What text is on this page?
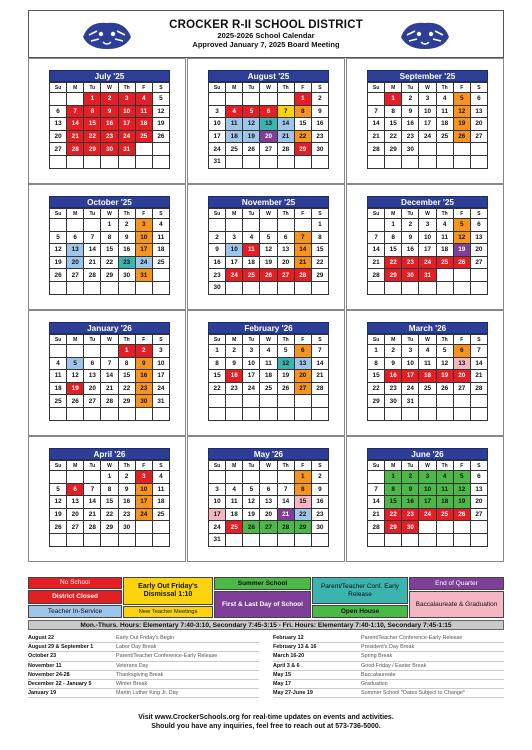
CROCKER R-II SCHOOL DISTRICT
2025-2026 School Calendar
Approved January 7, 2025 Board Meeting
July '25
Su	M	Tu	W	Th	F	S
		1	2	3	4	5
6	7	8	9	10	11	12
13	14	15	16	17	18	19
20	21	22	23	24	25	26
27	28	29	30	31		

August '25
Su	M	Tu	W	Th	F	S
					1	2
3	4	5	6	7	8	9
10	11	12	13	14	15	16
17	18	19	20	21	22	23
24	25	26	27	28	29	30
31						
September '25
Su	M	Tu	W	Th	F	S
	1	2	3	4	5	6
7	8	9	10	11	12	13
14	15	16	17	18	19	20
21	22	23	24	25	26	27
28	29	30				

October '25
Su	M	Tu	W	Th	F	S
			1	2	3	4
5	6	7	8	9	10	11
12	13	14	15	16	17	18
19	20	21	22	23	24	25
26	27	28	29	30	31	

November '25
Su	M	Tu	W	Th	F	S
						1
2	3	4	5	6	7	8
9	10	11	12	13	14	15
16	17	18	19	20	21	22
23	24	25	26	27	28	29
30						
December '25
Su	M	Tu	W	Th	F	S
	1	2	3	4	5	6
7	8	9	10	11	12	13
14	15	16	17	18	19	20
21	22	23	24	25	26	27
28	29	30	31			

January '26
Su	M	Tu	W	Th	F	S
				1	2	3
4	5	6	7	8	9	10
11	12	13	14	15	16	17
18	19	20	21	22	23	24
25	26	27	28	29	30	31

February '26
Su	M	Tu	W	Th	F	S
1	2	3	4	5	6	7
8	9	10	11	12	13	14
15	16	17	18	19	20	21
22	23	24	25	26	27	28

March '26
Su	M	Tu	W	Th	F	S
1	2	3	4	5	6	7
8	9	10	11	12	13	14
15	16	17	18	19	20	21
22	23	24	25	26	27	28
29	30	31				

April '26
Su	M	Tu	W	Th	F	S
			1	2	3	4
5	6	7	8	9	10	11
12	13	14	15	16	17	18
19	20	21	22	23	24	25
26	27	28	29	30		

May '26
Su	M	Tu	W	Th	F	S
					1	2
3	4	5	6	7	8	9
10	11	12	13	14	15	16
17	18	19	20	21	22	23
24	25	26	27	28	29	30
31						
June '26
Su	M	Tu	W	Th	F	S
	1	2	3	4	5	6
7	8	9	10	11	12	13
14	15	16	17	18	19	20
21	22	23	24	25	26	27
28	29	30				

No School
District Closed
Teacher In-Service
Early Out Friday's Dismissal 1:10
New Teacher Meetings
Summer School
First & Last Day of School
Parent/Teacher Conf. Early Release
Open House
End of Quarter
Baccalaureate & Graduation
Mon.-Thurs. Hours: Elementary 7:40-3:10, Secondary 7:45-3:15 - Fri. Hours: Elementary 7:40-1:10, Secondary 7:45-1:15
August 22	Early Out Friday's Begin
August 29 & September 1	Labor Day Break
October 23	Parent/Teacher Conference-Early Release
November 11	Veterans Day
November 24-28	Thanksgiving Break
December 22 - January 5	Winter Break
January 19	Martin Luther King Jr. Day
February 12	Parent/Teacher Conference-Early Release
February 13 & 16	President's Day Break
March 16-20	Spring Break
April 3 & 6	Good Friday / Easter Break
May 15	Baccalaureate
May 17	Graduation
May 27-June 19	Summer School *Dates Subject to Change*
Visit www.CrockerSchools.org for real-time updates on events and activities.
Should you have any inquiries, feel free to reach out at 573-736-5000.
